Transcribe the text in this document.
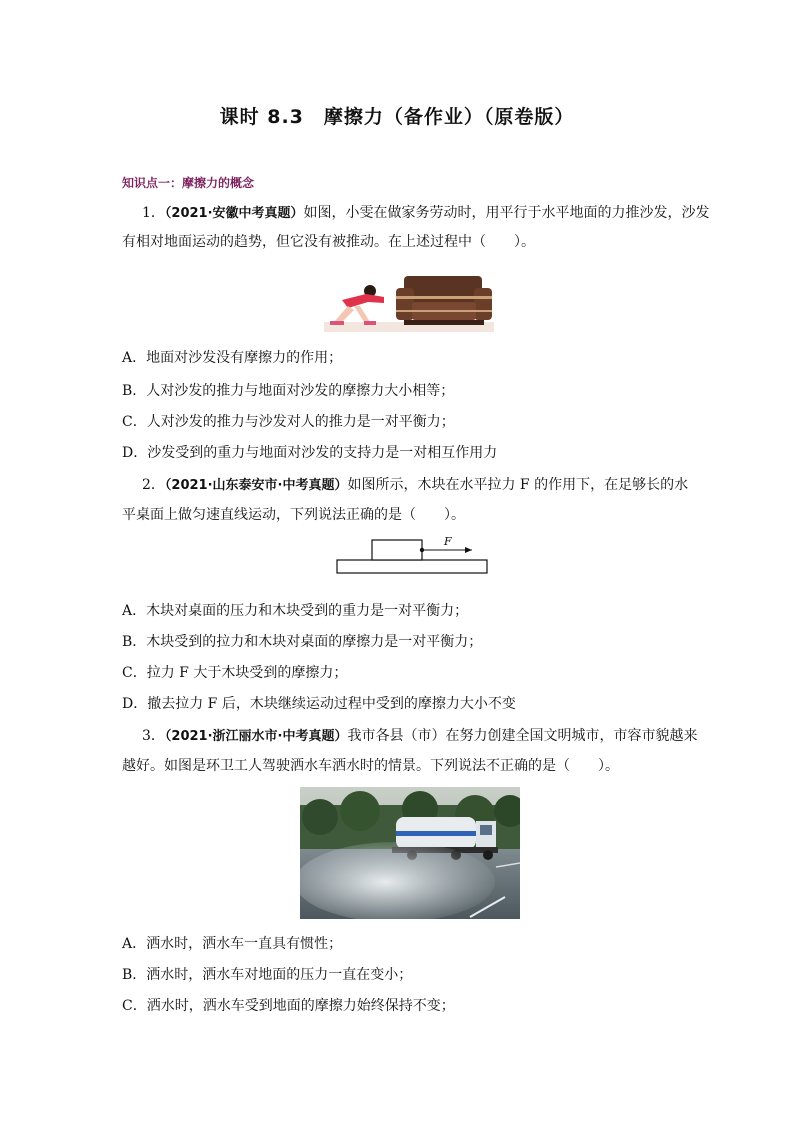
课时 8.3　摩擦力（备作业）（原卷版）
知识点一：摩擦力的概念
1．（2021·安徽中考真题）如图，小雯在做家务劳动时，用平行于水平地面的力推沙发，沙发
有相对地面运动的趋势，但它没有被推动。在上述过程中（　　）。
A．地面对沙发没有摩擦力的作用；
B．人对沙发的推力与地面对沙发的摩擦力大小相等；
C．人对沙发的推力与沙发对人的推力是一对平衡力；
D．沙发受到的重力与地面对沙发的支持力是一对相互作用力
2．（2021·山东泰安市·中考真题）如图所示，木块在水平拉力 F 的作用下，在足够长的水
平桌面上做匀速直线运动，下列说法正确的是（　　）。
F
A．木块对桌面的压力和木块受到的重力是一对平衡力；
B．木块受到的拉力和木块对桌面的摩擦力是一对平衡力；
C．拉力 F 大于木块受到的摩擦力；
D．撤去拉力 F 后，木块继续运动过程中受到的摩擦力大小不变
3．（2021·浙江丽水市·中考真题）我市各县（市）在努力创建全国文明城市，市容市貌越来
越好。如图是环卫工人驾驶洒水车洒水时的情景。下列说法不正确的是（　　）。
A．洒水时，洒水车一直具有惯性；
B．洒水时，洒水车对地面的压力一直在变小；
C．洒水时，洒水车受到地面的摩擦力始终保持不变；
